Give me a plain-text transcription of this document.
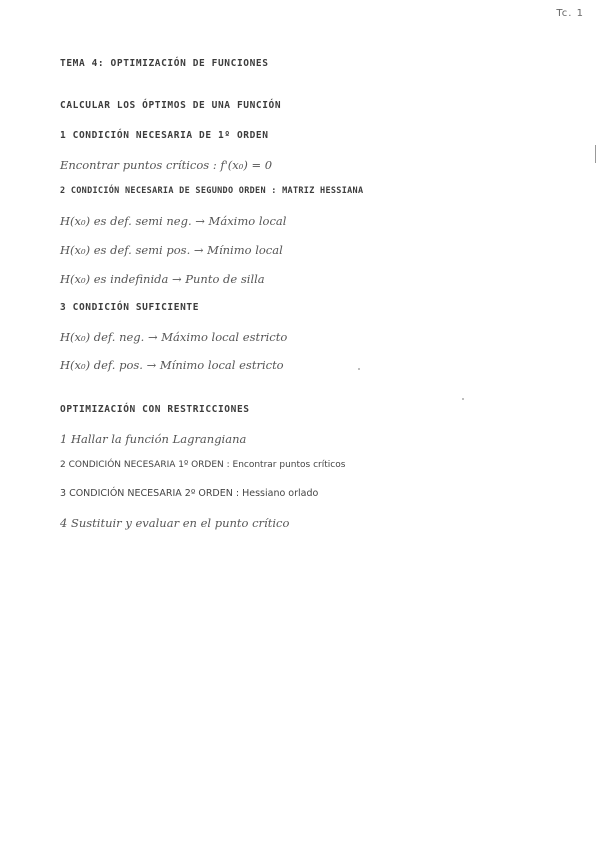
Tc. 1
TEMA 4: OPTIMIZACIÓN DE FUNCIONES
CALCULAR LOS ÓPTIMOS DE UNA FUNCIÓN
1 CONDICIÓN NECESARIA DE 1º ORDEN
Encontrar puntos críticos : f'(x₀) = 0
2 CONDICIÓN NECESARIA DE SEGUNDO ORDEN : MATRIZ HESSIANA
H(x₀) es def. semi neg. → Máximo local
H(x₀) es def. semi pos. → Mínimo local
H(x₀) es indefinida → Punto de silla
3 CONDICIÓN SUFICIENTE
H(x₀) def. neg. → Máximo local estricto
H(x₀) def. pos. → Mínimo local estricto
OPTIMIZACIÓN CON RESTRICCIONES
1 Hallar la función Lagrangiana
2 CONDICIÓN NECESARIA 1º ORDEN : Encontrar puntos críticos
3 CONDICIÓN NECESARIA 2º ORDEN : Hessiano orlado
4 Sustituir y evaluar en el punto crítico
